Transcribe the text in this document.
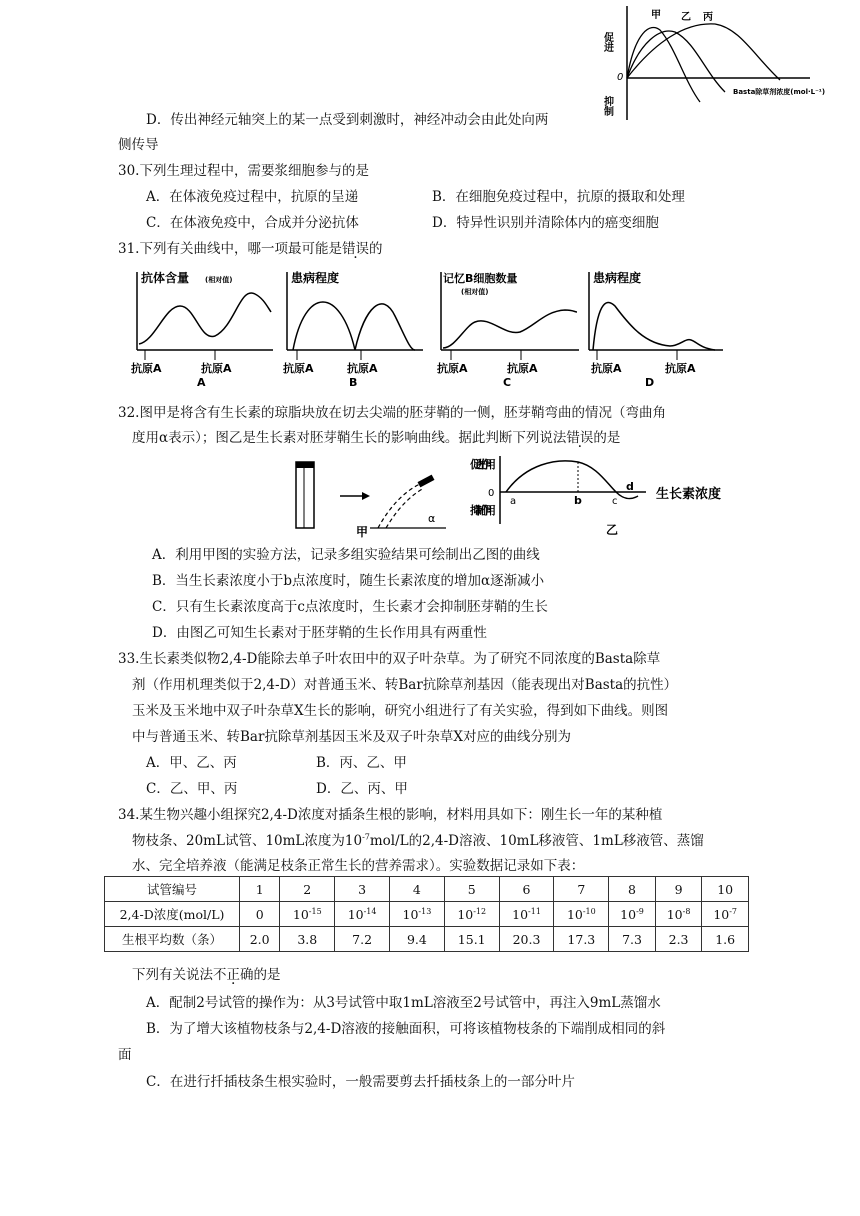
促进
抑制
0
甲 乙 丙
Basta除草剂浓度(mol·L⁻¹)
D．传出神经元轴突上的某一点受到刺激时，神经冲动会由此处向两
侧传导
30.下列生理过程中，需要浆细胞参与的是
A．在体液免疫过程中，抗原的呈递	B．在细胞免疫过程中，抗原的摄取和处理
C．在体液免疫中，合成并分泌抗体	D．特异性识别并清除体内的癌变细胞
31.下列有关曲线中，哪一项最可能是错误的
抗体含量 (相对值)
抗原A	抗原A
A
患病程度
抗原A	抗原A
B
记忆B细胞数量
(相对值)
抗原A	抗原A
C
患病程度
抗原A	抗原A
D
32.图甲是将含有生长素的琼脂块放在切去尖端的胚芽鞘的一侧，胚芽鞘弯曲的情况（弯曲角
度用α表示）；图乙是生长素对胚芽鞘生长的影响曲线。据此判断下列说法错误的是
α
甲
促进作用
0
抑制作用
a	b	c
d
生长素浓度
乙
A．利用甲图的实验方法，记录多组实验结果可绘制出乙图的曲线
B．当生长素浓度小于b点浓度时，随生长素浓度的增加α逐渐减小
C．只有生长素浓度高于c点浓度时，生长素才会抑制胚芽鞘的生长
D．由图乙可知生长素对于胚芽鞘的生长作用具有两重性
33.生长素类似物2,4-D能除去单子叶农田中的双子叶杂草。为了研究不同浓度的Basta除草
剂（作用机理类似于2,4-D）对普通玉米、转Bar抗除草剂基因（能表现出对Basta的抗性）
玉米及玉米地中双子叶杂草X生长的影响，研究小组进行了有关实验，得到如下曲线。则图
中与普通玉米、转Bar抗除草剂基因玉米及双子叶杂草X对应的曲线分别为
A．甲、乙、丙	B．丙、乙、甲
C．乙、甲、丙	D．乙、丙、甲
34.某生物兴趣小组探究2,4-D浓度对插条生根的影响，材料用具如下：刚生长一年的某种植
物枝条、20mL试管、10mL浓度为$10^{-7}mol/L$的2,4-D溶液、10mL移液管、1mL移液管、蒸馏
水、完全培养液（能满足枝条正常生长的营养需求）。实验数据记录如下表：
试管编号	1	2	3	4	5	6	7	8	9	10
2,4-D浓度(mol/L)	0	$10^{-15}$	$10^{-14}$	$10^{-13}$	$10^{-12}$	$10^{-11}$	$10^{-10}$	$10^{-9}$	$10^{-8}$	$10^{-7}$
生根平均数（条）	2.0	3.8	7.2	9.4	15.1	20.3	17.3	7.3	2.3	1.6
下列有关说法不正确的是
A．配制2号试管的操作为：从3号试管中取1mL溶液至2号试管中，再注入9mL蒸馏水
B．为了增大该植物枝条与2,4-D溶液的接触面积，可将该植物枝条的下端削成相同的斜
面
C．在进行扦插枝条生根实验时，一般需要剪去扦插枝条上的一部分叶片
